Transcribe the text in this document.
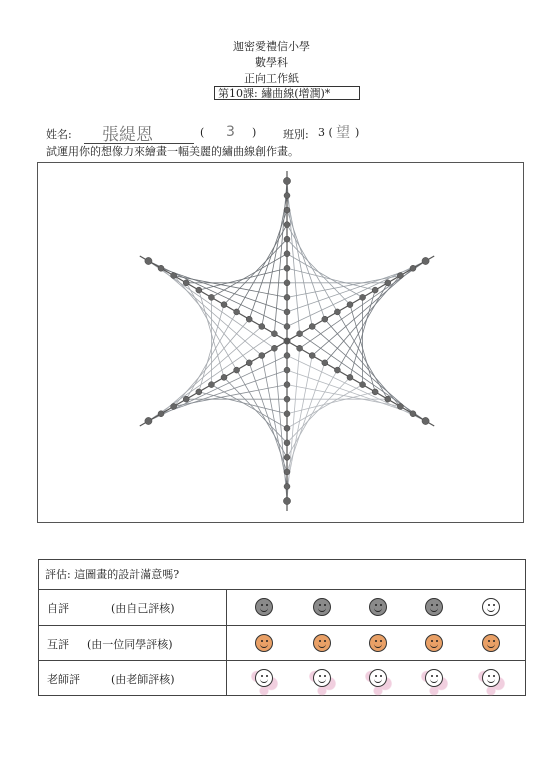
迦密愛禮信小學
數學科
正向工作紙
第10課: 繡曲線(增潤)*
姓名: 張緹恩	( 3 ) 班別: 3 ( 望 )
試運用你的想像力來繪畫一幅美麗的繡曲線創作畫。
評估: 這圖畫的設計滿意嗎?
自評	(由自己評核)
互評 (由一位同學評核)
老師評	(由老師評核)
